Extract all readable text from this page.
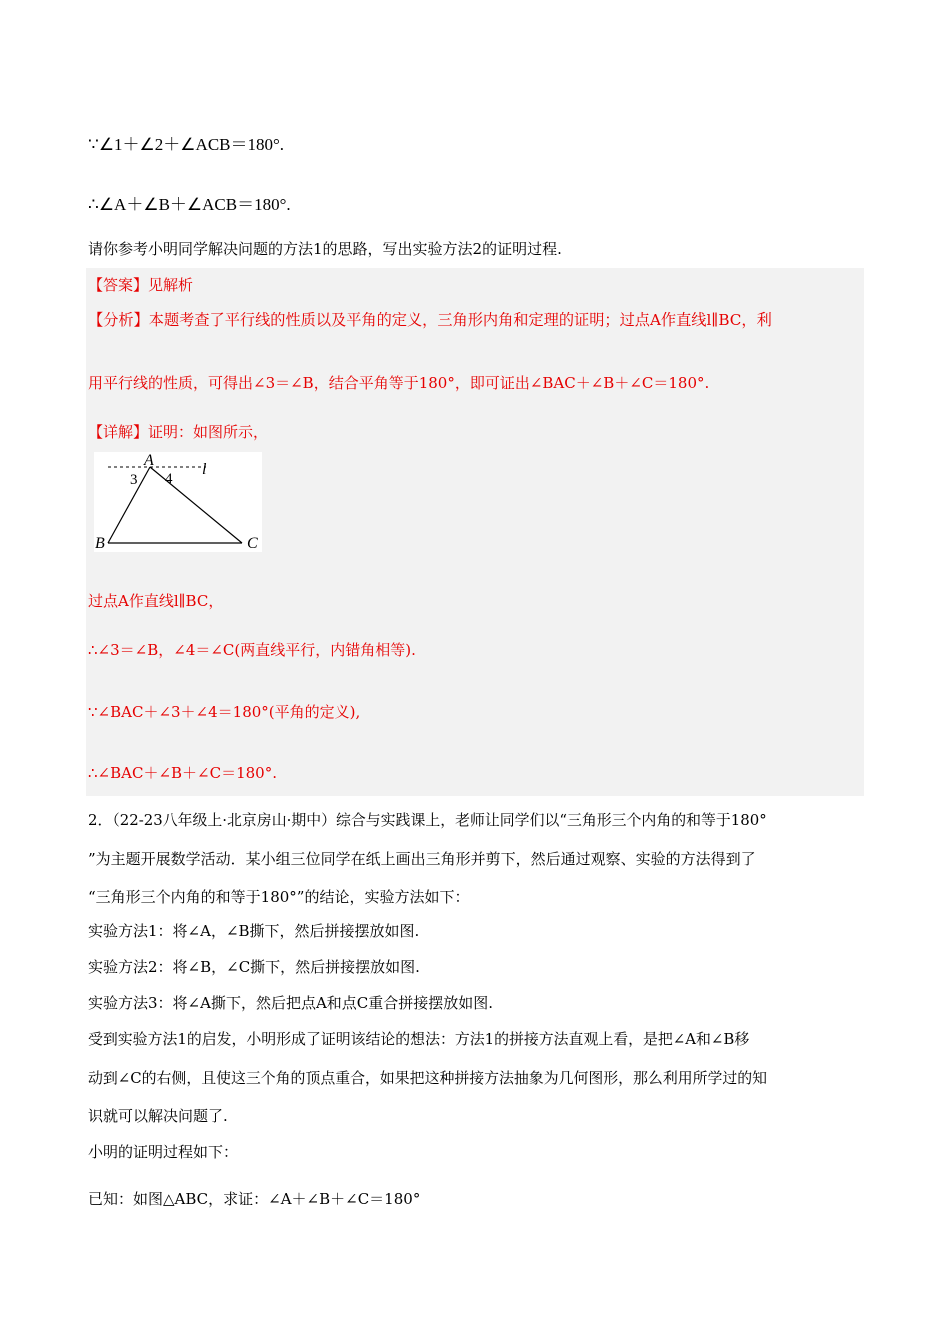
∵∠1＋∠2＋∠ACB＝180°.
∴∠A＋∠B＋∠ACB＝180°.
请你参考小明同学解决问题的方法1的思路，写出实验方法2的证明过程.
【答案】见解析
【分析】本题考查了平行线的性质以及平角的定义，三角形内角和定理的证明；过点A作直线l∥BC，利
用平行线的性质，可得出∠3＝∠B，结合平角等于180°，即可证出∠BAC＋∠B＋∠C＝180°.
【详解】证明：如图所示，
A
l
3 4
B	C
过点A作直线l∥BC，
∴∠3＝∠B，∠4＝∠C(两直线平行，内错角相等).
∵∠BAC＋∠3＋∠4＝180°(平角的定义),
∴∠BAC＋∠B＋∠C＝180°.
2．（22-23八年级上·北京房山·期中）综合与实践课上，老师让同学们以“三角形三个内角的和等于180°
”为主题开展数学活动．某小组三位同学在纸上画出三角形并剪下，然后通过观察、实验的方法得到了
“三角形三个内角的和等于180°”的结论，实验方法如下：
实验方法1：将∠A，∠B撕下，然后拼接摆放如图.
实验方法2：将∠B，∠C撕下，然后拼接摆放如图.
实验方法3：将∠A撕下，然后把点A和点C重合拼接摆放如图.
受到实验方法1的启发，小明形成了证明该结论的想法：方法1的拼接方法直观上看，是把∠A和∠B移
动到∠C的右侧，且使这三个角的顶点重合，如果把这种拼接方法抽象为几何图形，那么利用所学过的知
识就可以解决问题了.
小明的证明过程如下：
已知：如图△ABC，求证：∠A＋∠B＋∠C＝180°
